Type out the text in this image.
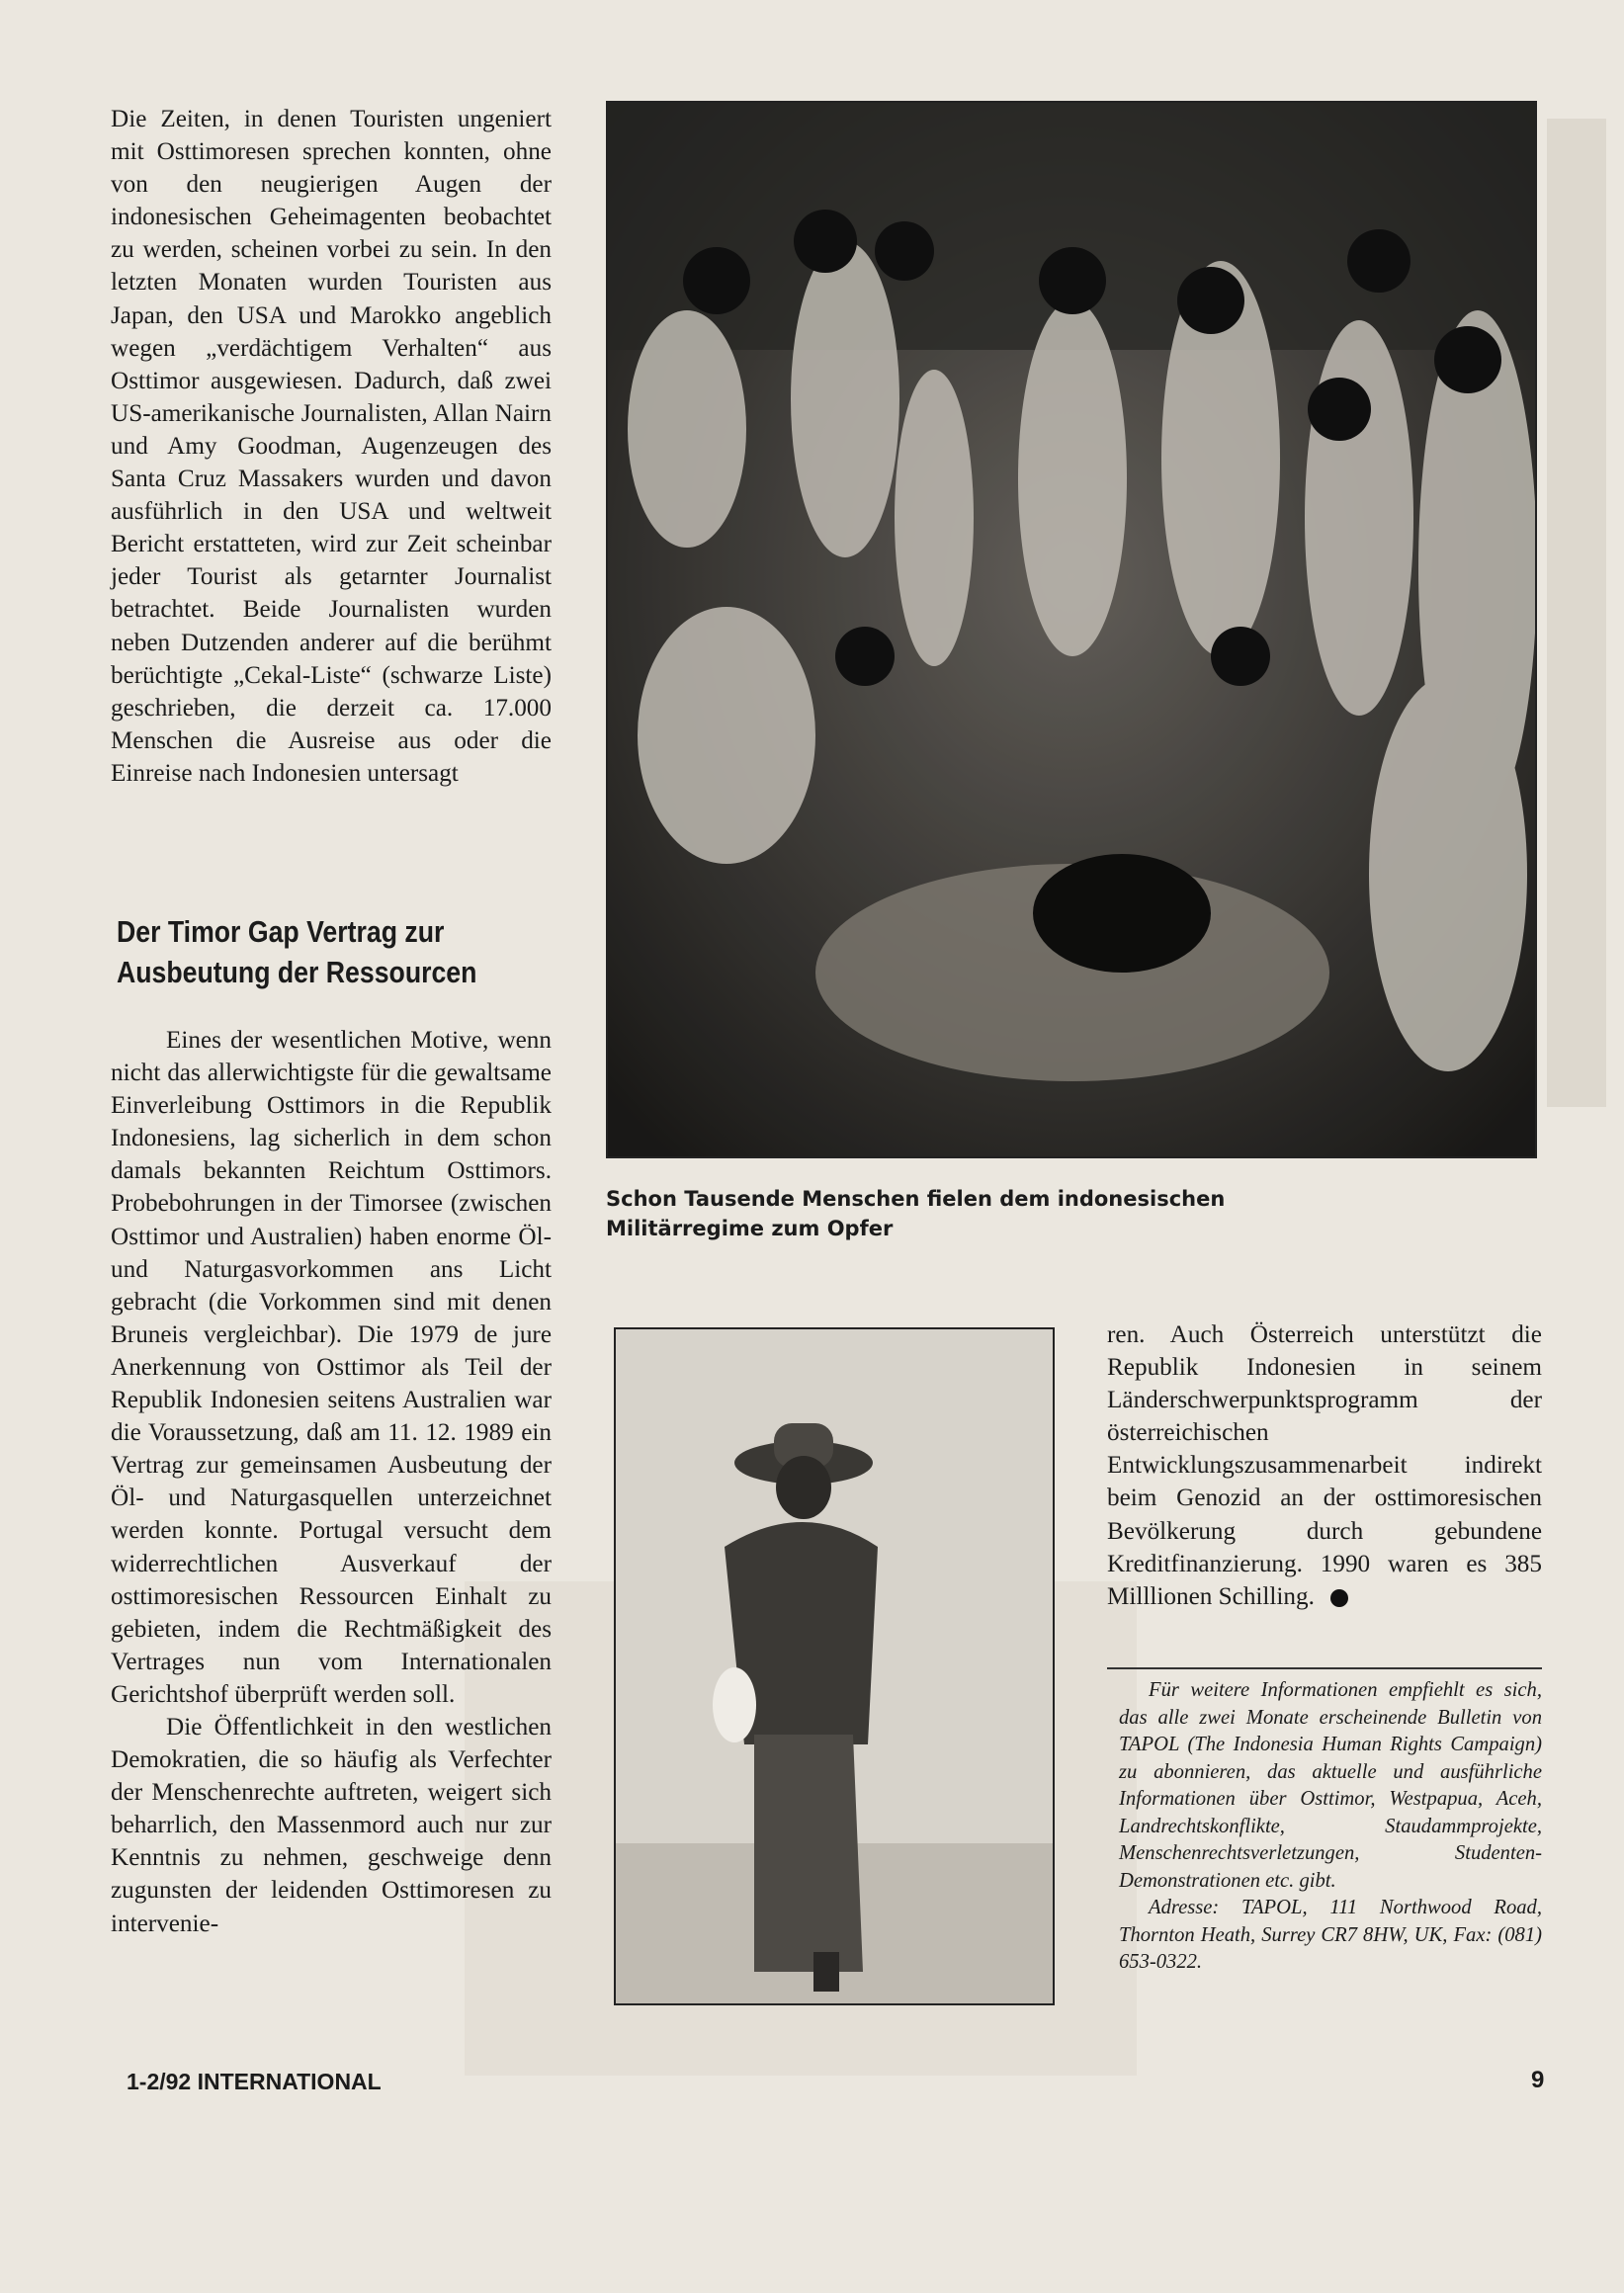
Die Zeiten, in denen Touristen ungeniert mit Osttimoresen sprechen konnten, ohne von den neugierigen Augen der indonesischen Geheimagenten beobachtet zu werden, scheinen vorbei zu sein. In den letzten Monaten wurden Touristen aus Japan, den USA und Marokko angeblich wegen „verdächtigem Verhalten“ aus Osttimor ausgewiesen. Dadurch, daß zwei US-amerikanische Journalisten, Allan Nairn und Amy Goodman, Augenzeugen des Santa Cruz Massakers wurden und davon ausführlich in den USA und weltweit Bericht erstatteten, wird zur Zeit scheinbar jeder Tourist als getarnter Journalist betrachtet. Beide Journalisten wurden neben Dutzenden anderer auf die berühmt berüchtigte „Cekal-Liste“ (schwarze Liste) geschrieben, die derzeit ca. 17.000 Menschen die Ausreise aus oder die Einreise nach Indonesien untersagt

Der Timor Gap Vertrag zur Ausbeutung der Ressourcen

Eines der wesentlichen Motive, wenn nicht das allerwichtigste für die gewaltsame Einverleibung Osttimors in die Republik Indonesiens, lag sicherlich in dem schon damals bekannten Reichtum Osttimors. Probebohrungen in der Timorsee (zwischen Osttimor und Australien) haben enorme Öl- und Naturgasvorkommen ans Licht gebracht (die Vorkommen sind mit denen Bruneis vergleichbar). Die 1979 de jure Anerkennung von Osttimor als Teil der Republik Indonesien seitens Australien war die Voraussetzung, daß am 11. 12. 1989 ein Vertrag zur gemeinsamen Ausbeutung der Öl- und Naturgasquellen unterzeichnet werden konnte. Portugal versucht dem widerrechtlichen Ausverkauf der osttimoresischen Ressourcen Einhalt zu gebieten, indem die Rechtmäßigkeit des Vertrages nun vom Internationalen Gerichtshof überprüft werden soll.

Die Öffentlichkeit in den westlichen Demokratien, die so häufig als Verfechter der Menschenrechte auftreten, weigert sich beharrlich, den Massenmord auch nur zur Kenntnis zu nehmen, geschweige denn zugunsten der leidenden Osttimoresen zu intervenie-

Schon Tausende Menschen fielen dem indonesischen Militärregime zum Opfer

ren. Auch Österreich unterstützt die Republik Indonesien in seinem Länderschwerpunktsprogramm der österreichischen Entwicklungszusammenarbeit indirekt beim Genozid an der osttimoresischen Bevölkerung durch gebundene Kreditfinanzierung. 1990 waren es 385 Milllionen Schilling.

Für weitere Informationen empfiehlt es sich, das alle zwei Monate erscheinende Bulletin von TAPOL (The Indonesia Human Rights Campaign) zu abonnieren, das aktuelle und ausführliche Informationen über Osttimor, Westpapua, Aceh, Landrechtskonflikte, Staudammprojekte, Menschenrechtsverletzungen, Studenten-Demonstrationen etc. gibt.

Adresse: TAPOL, 111 Northwood Road, Thornton Heath, Surrey CR7 8HW, UK, Fax: (081) 653-0322.

1-2/92 INTERNATIONAL	9
